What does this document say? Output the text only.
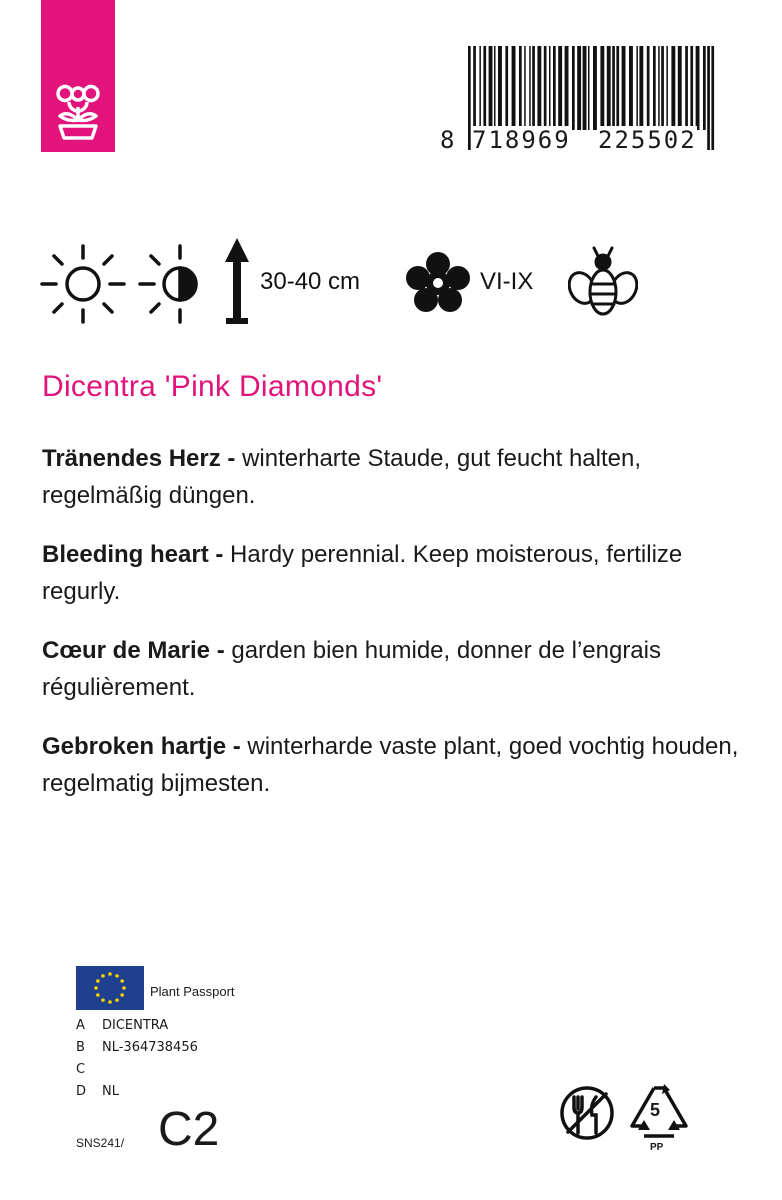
8 718969 225502
30-40 cm	VI-IX
Dicentra 'Pink Diamonds'

Tränendes Herz - winterharte Staude, gut feucht halten, regelmäßig düngen.

Bleeding heart - Hardy perennial. Keep moisterous, fertilize regurly.

Cœur de Marie - garden bien humide, donner de l’engrais régulièrement.

Gebroken hartje - winterharde vaste plant, goed vochtig houden, regelmatig bijmesten.

Plant Passport
A DICENTRA
B NL-364738456
C
D NL
SNS241/ C2	5
PP
